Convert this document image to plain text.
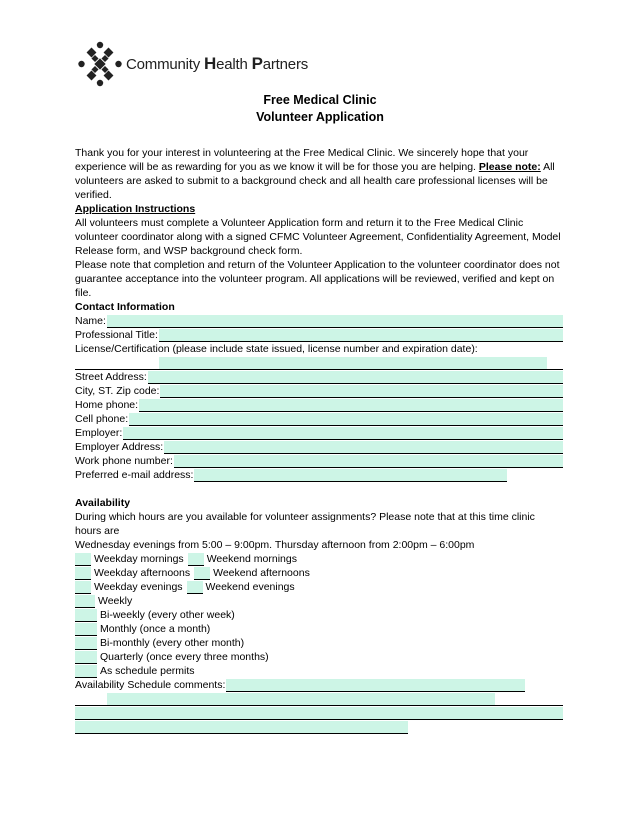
Community Health Partners
Free Medical Clinic
Volunteer Application

Thank you for your interest in volunteering at the Free Medical Clinic. We sincerely hope that your experience will be as rewarding for you as we know it will be for those you are helping. Please note: All volunteers are asked to submit to a background check and all health care professional licenses will be verified.

Application Instructions

All volunteers must complete a Volunteer Application form and return it to the Free Medical Clinic volunteer coordinator along with a signed CFMC Volunteer Agreement, Confidentiality Agreement, Model Release form, and WSP background check form.

Please note that completion and return of the Volunteer Application to the volunteer coordinator does not guarantee acceptance into the volunteer program. All applications will be reviewed, verified and kept on file.

Contact Information

Name:
Professional Title:

License/Certification (please include state issued, license number and expiration date):

Street Address:
City, ST. Zip code:
Home phone:
Cell phone:
Employer:
Employer Address:
Work phone number:
Preferred e-mail address:

Availability

During which hours are you available for volunteer assignments? Please note that at this time clinic hours are

Wednesday evenings from 5:00 – 9:00pm. Thursday afternoon from 2:00pm – 6:00pm

Weekday mornings Weekend mornings
Weekday afternoons Weekend afternoons
Weekday evenings Weekend evenings
Weekly
Bi-weekly (every other week)
Monthly (once a month)
Bi-monthly (every other month)
Quarterly (once every three months)
As schedule permits
Availability Schedule comments:
